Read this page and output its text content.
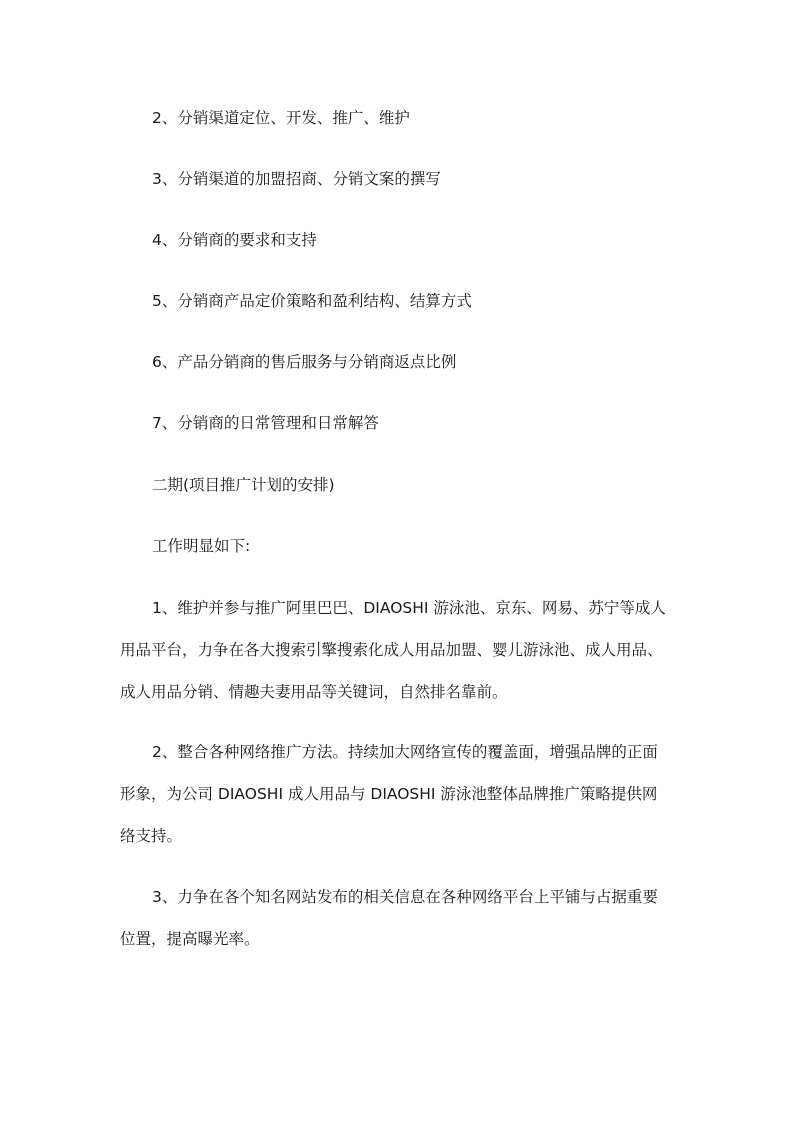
2、分销渠道定位、开发、推广、维护
3、分销渠道的加盟招商、分销文案的撰写
4、分销商的要求和支持
5、分销商产品定价策略和盈利结构、结算方式
6、产品分销商的售后服务与分销商返点比例
7、分销商的日常管理和日常解答
二期(项目推广计划的安排)
工作明显如下:
1、维护并参与推广阿里巴巴、DIAOSHI 游泳池、京东、网易、苏宁等成人
用品平台，力争在各大搜索引擎搜索化成人用品加盟、婴儿游泳池、成人用品、
成人用品分销、情趣夫妻用品等关键词，自然排名靠前。
2、整合各种网络推广方法。持续加大网络宣传的覆盖面，增强品牌的正面
形象，为公司 DIAOSHI 成人用品与 DIAOSHI 游泳池整体品牌推广策略提供网
络支持。
3、力争在各个知名网站发布的相关信息在各种网络平台上平铺与占据重要
位置，提高曝光率。
